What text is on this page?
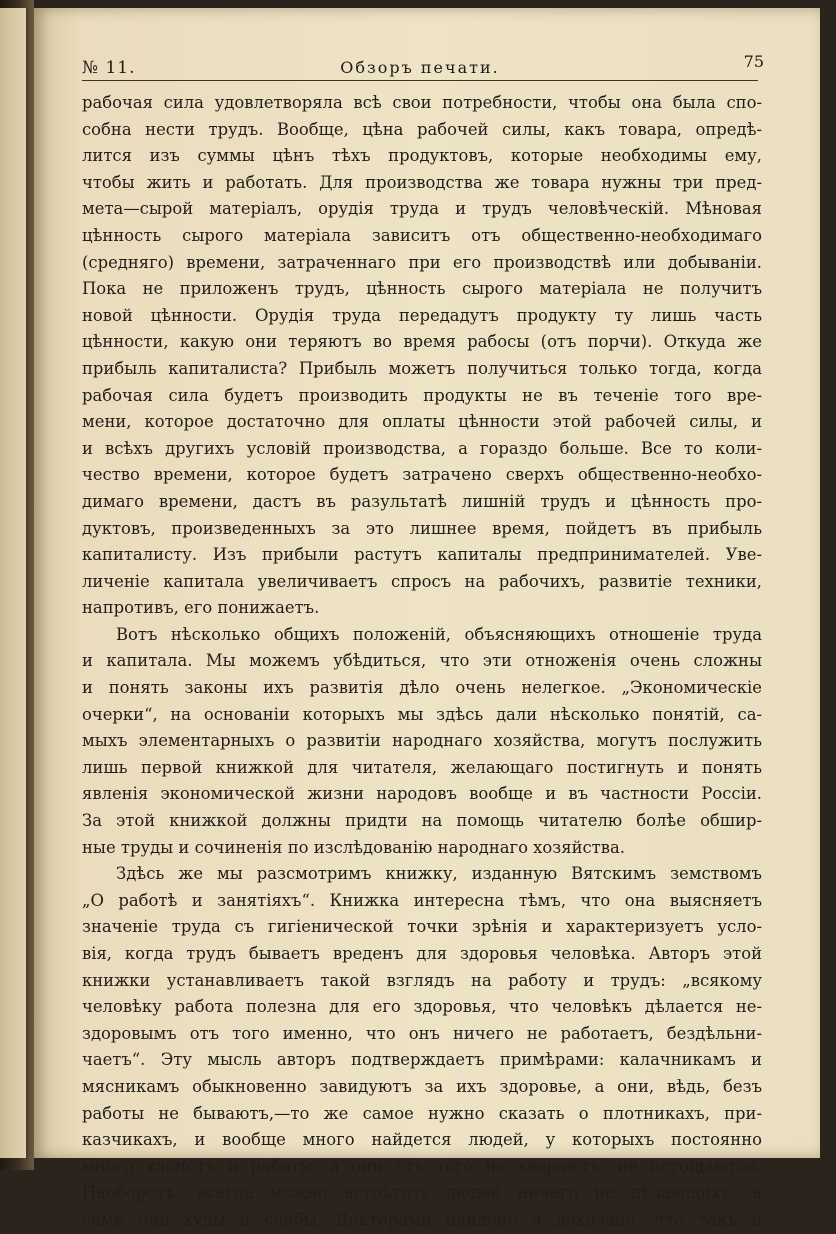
№ 11.	Обзоръ печати.	75
рабочая сила удовлетворяла всѣ свои потребности, чтобы она была спо-
собна нести трудъ. Вообще, цѣна рабочей силы, какъ товара, опредѣ-
лится изъ суммы цѣнъ тѣхъ продуктовъ, которые необходимы ему,
чтобы жить и работать. Для производства же товара нужны три пред-
мета—сырой матеріалъ, орудія труда и трудъ человѣческій. Мѣновая
цѣнность сырого матеріала зависитъ отъ общественно-необходимаго
(средняго) времени, затраченнаго при его производствѣ или добываніи.
Пока не приложенъ трудъ, цѣнность сырого матеріала не получитъ
новой цѣнности. Орудія труда передадутъ продукту ту лишь часть
цѣнности, какую они теряютъ во время рабосы (отъ порчи). Откуда же
прибыль капиталиста? Прибыль можетъ получиться только тогда, когда
рабочая сила будетъ производить продукты не въ теченіе того вре-
мени, которое достаточно для оплаты цѣнности этой рабочей силы, и
и всѣхъ другихъ условій производства, а гораздо больше. Все то коли-
чество времени, которое будетъ затрачено сверхъ общественно-необхо-
димаго времени, дастъ въ разультатѣ лишній трудъ и цѣнность про-
дуктовъ, произведенныхъ за это лишнее время, пойдетъ въ прибыль
капиталисту. Изъ прибыли растутъ капиталы предпринимателей. Уве-
личеніе капитала увеличиваетъ спросъ на рабочихъ, развитіе техники,
напротивъ, его понижаетъ.
Вотъ нѣсколько общихъ положеній, объясняющихъ отношеніе труда
и капитала. Мы можемъ убѣдиться, что эти отноженія очень сложны
и понять законы ихъ развитія дѣло очень нелегкое. „Экономическіе
очерки“, на основаніи которыхъ мы здѣсь дали нѣсколько понятій, са-
мыхъ элементарныхъ о развитіи народнаго хозяйства, могутъ послужить
лишь первой книжкой для читателя, желающаго постигнуть и понять
явленія экономической жизни народовъ вообще и въ частности Россіи.
За этой книжкой должны придти на помощь читателю болѣе обшир-
ные труды и сочиненія по изслѣдованію народнаго хозяйства.
Здѣсь же мы разсмотримъ книжку, изданную Вятскимъ земствомъ
„О работѣ и занятіяхъ“. Книжка интересна тѣмъ, что она выясняетъ
значеніе труда съ гигіенической точки зрѣнія и характеризуетъ усло-
вія, когда трудъ бываетъ вреденъ для здоровья человѣка. Авторъ этой
книжки устанавливаетъ такой взглядъ на работу и трудъ: „всякому
человѣку работа полезна для его здоровья, что человѣкъ дѣлается не-
здоровымъ отъ того именно, что онъ ничего не работаетъ, бездѣльни-
чаетъ“. Эту мысль авторъ подтверждаетъ примѣрами: калачникамъ и
мясникамъ обыкновенно завидуютъ за ихъ здоровье, а они, вѣдь, безъ
работы не бываютъ,—то же самое нужно сказать о плотникахъ, при-
казчикахъ, и вообще много найдется людей, у которыхъ постоянно
много хлопотъ и работы, а они отъ того не хвораютъ, не истощаются.
Наоборотъ: всегда можно встрѣтить людей ничего не дѣлающихъ, а
сами они худы и слабы. Докторами найдено и доказано, что такъ и
